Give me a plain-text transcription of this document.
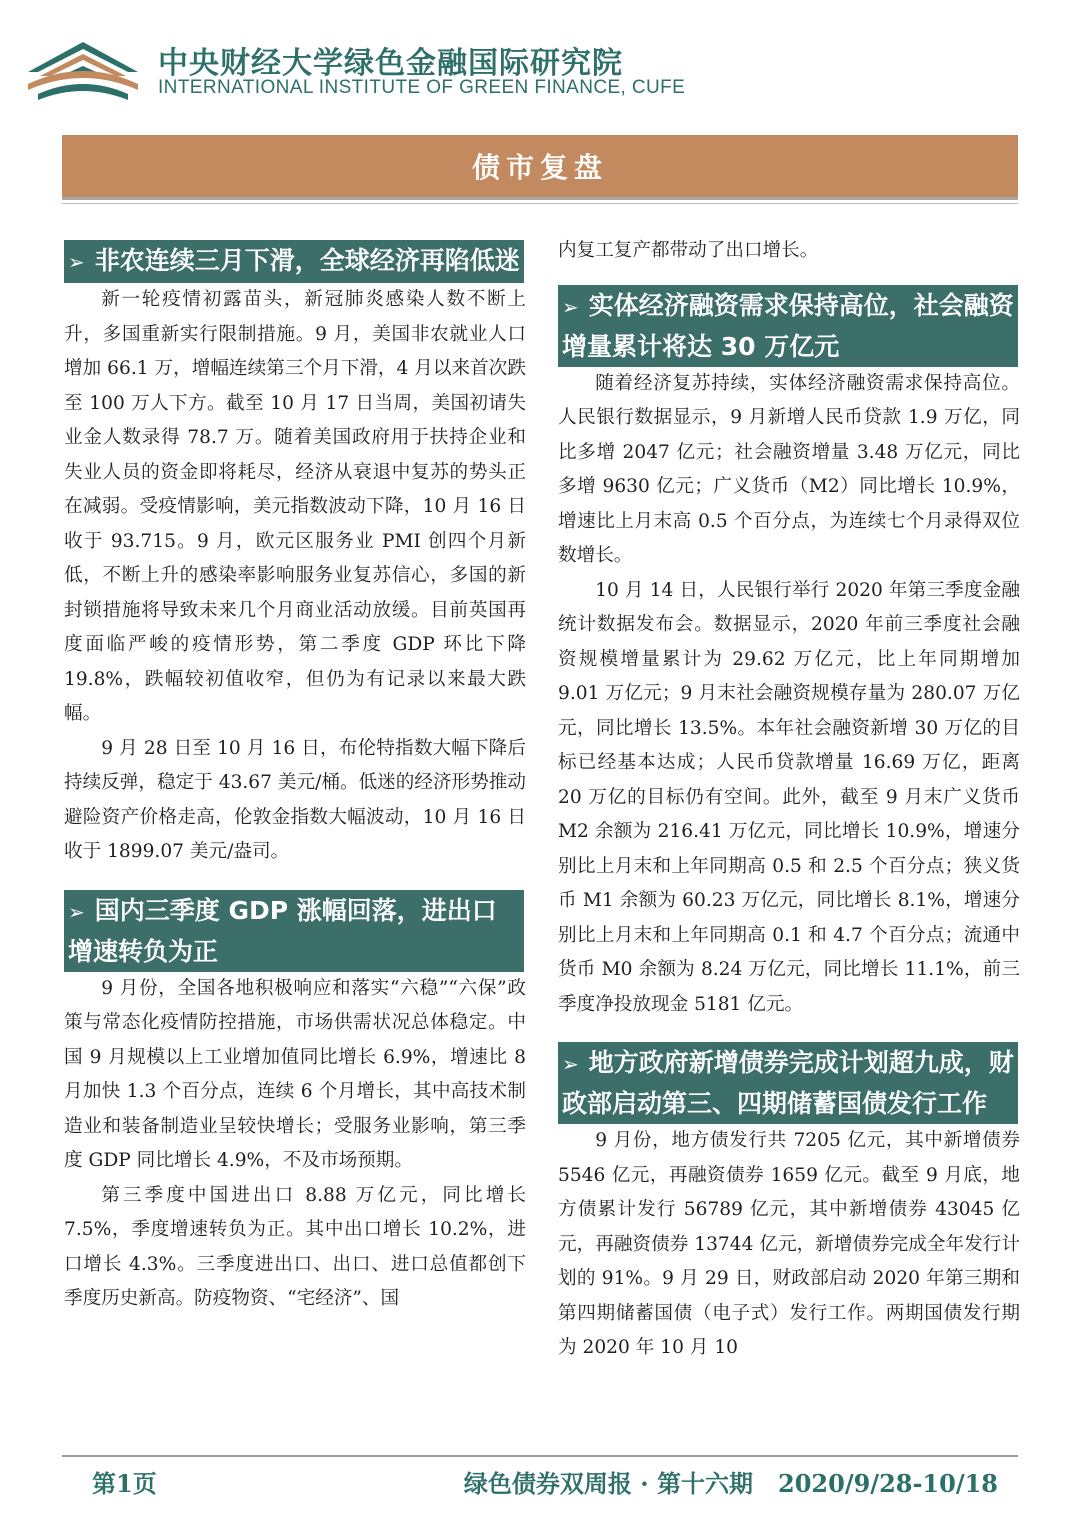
中央财经大学绿色金融国际研究院
INTERNATIONAL INSTITUTE OF GREEN FINANCE, CUFE
债市复盘
➢ 非农连续三月下滑，全球经济再陷低迷

新一轮疫情初露苗头，新冠肺炎感染人数不断上升，多国重新实行限制措施。9 月，美国非农就业人口增加 66.1 万，增幅连续第三个月下滑，4 月以来首次跌至 100 万人下方。截至 10 月 17 日当周，美国初请失业金人数录得 78.7 万。随着美国政府用于扶持企业和失业人员的资金即将耗尽，经济从衰退中复苏的势头正在减弱。受疫情影响，美元指数波动下降，10 月 16 日收于 93.715。9 月，欧元区服务业 PMI 创四个月新低，不断上升的感染率影响服务业复苏信心，多国的新封锁措施将导致未来几个月商业活动放缓。目前英国再度面临严峻的疫情形势，第二季度 GDP 环比下降 19.8%，跌幅较初值收窄，但仍为有记录以来最大跌幅。

9 月 28 日至 10 月 16 日，布伦特指数大幅下降后持续反弹，稳定于 43.67 美元/桶。低迷的经济形势推动避险资产价格走高，伦敦金指数大幅波动，10 月 16 日收于 1899.07 美元/盎司。

➢ 国内三季度 GDP 涨幅回落，进出口增速转负为正

9 月份，全国各地积极响应和落实“六稳”“六保”政策与常态化疫情防控措施，市场供需状况总体稳定。中国 9 月规模以上工业增加值同比增长 6.9%，增速比 8 月加快 1.3 个百分点，连续 6 个月增长，其中高技术制造业和装备制造业呈较快增长；受服务业影响，第三季度 GDP 同比增长 4.9%，不及市场预期。

第三季度中国进出口 8.88 万亿元，同比增长 7.5%，季度增速转负为正。其中出口增长 10.2%，进口增长 4.3%。三季度进出口、出口、进口总值都创下季度历史新高。防疫物资、“宅经济”、国

内复工复产都带动了出口增长。

➢ 实体经济融资需求保持高位，社会融资增量累计将达 30 万亿元

随着经济复苏持续，实体经济融资需求保持高位。人民银行数据显示，9 月新增人民币贷款 1.9 万亿，同比多增 2047 亿元；社会融资增量 3.48 万亿元，同比多增 9630 亿元；广义货币（M2）同比增长 10.9%，增速比上月末高 0.5 个百分点，为连续七个月录得双位数增长。

10 月 14 日，人民银行举行 2020 年第三季度金融统计数据发布会。数据显示，2020 年前三季度社会融资规模增量累计为 29.62 万亿元，比上年同期增加 9.01 万亿元；9 月末社会融资规模存量为 280.07 万亿元，同比增长 13.5%。本年社会融资新增 30 万亿的目标已经基本达成；人民币贷款增量 16.69 万亿，距离 20 万亿的目标仍有空间。此外，截至 9 月末广义货币 M2 余额为 216.41 万亿元，同比增长 10.9%，增速分别比上月末和上年同期高 0.5 和 2.5 个百分点；狭义货币 M1 余额为 60.23 万亿元，同比增长 8.1%，增速分别比上月末和上年同期高 0.1 和 4.7 个百分点；流通中货币 M0 余额为 8.24 万亿元，同比增长 11.1%，前三季度净投放现金 5181 亿元。

➢ 地方政府新增债券完成计划超九成，财政部启动第三、四期储蓄国债发行工作

9 月份，地方债发行共 7205 亿元，其中新增债券 5546 亿元，再融资债券 1659 亿元。截至 9 月底，地方债累计发行 56789 亿元，其中新增债券 43045 亿元，再融资债券 13744 亿元，新增债券完成全年发行计划的 91%。9 月 29 日，财政部启动 2020 年第三期和第四期储蓄国债（电子式）发行工作。两期国债发行期为 2020 年 10 月 10

第1页	绿色债券双周报 · 第十六期   2020/9/28-10/18
